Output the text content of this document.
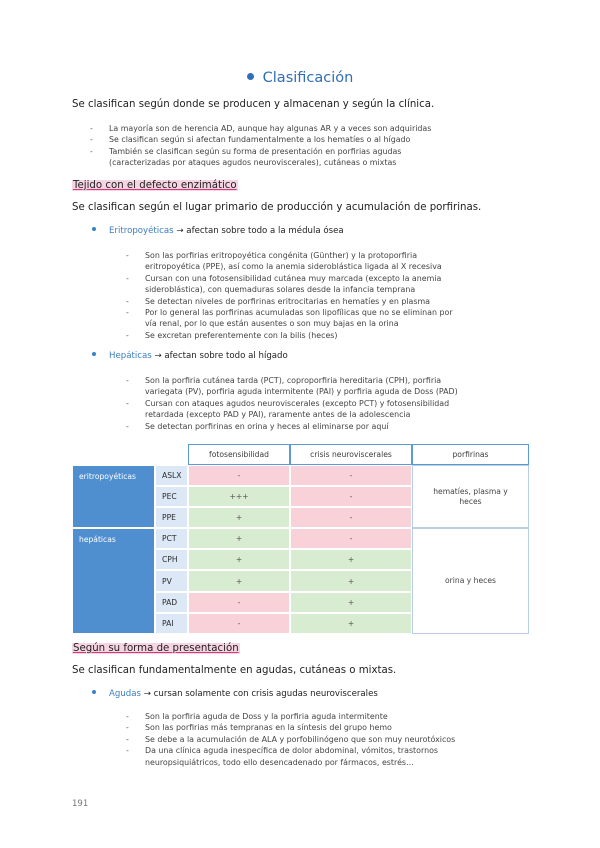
Clasificación
Se clasifican según donde se producen y almacenan y según la clínica.
- La mayoría son de herencia AD, aunque hay algunas AR y a veces son adquiridas
- Se clasifican según si afectan fundamentalmente a los hematíes o al hígado
- También se clasifican según su forma de presentación en porfirias agudas
(caracterizadas por ataques agudos neuroviscerales), cutáneas o mixtas
Tejido con el defecto enzimático
Se clasifican según el lugar primario de producción y acumulación de porfirinas.
Eritropoyéticas → afectan sobre todo a la médula ósea
- Son las porfirias eritropoyética congénita (Günther) y la protoporfiria
eritropoyética (PPE), así como la anemia sideroblástica ligada al X recesiva
- Cursan con una fotosensibilidad cutánea muy marcada (excepto la anemia
sideroblástica), con quemaduras solares desde la infancia temprana
- Se detectan niveles de porfirinas eritrocitarias en hematíes y en plasma
- Por lo general las porfirinas acumuladas son lipofílicas que no se eliminan por
vía renal, por lo que están ausentes o son muy bajas en la orina
- Se excretan preferentemente con la bilis (heces)
Hepáticas → afectan sobre todo al hígado
- Son la porfiria cutánea tarda (PCT), coproporfiria hereditaria (CPH), porfiria
variegata (PV), porfiria aguda intermitente (PAI) y porfiria aguda de Doss (PAD)
- Cursan con ataques agudos neuroviscerales (excepto PCT) y fotosensibilidad
retardada (excepto PAD y PAI), raramente antes de la adolescencia
- Se detectan porfirinas en orina y heces al eliminarse por aquí
fotosensibilidad	crisis neuroviscerales	porfirinas
eritropoyéticas
hepáticas
ASLX
PEC
PPE
PCT
CPH
PV
PAD
PAI
-
+++
+
+
+
+
-
-
-
-
-
-
+
+
+
+
hematíes, plasma y heces
orina y heces
Según su forma de presentación
Se clasifican fundamentalmente en agudas, cutáneas o mixtas.
Agudas → cursan solamente con crisis agudas neuroviscerales
- Son la porfiria aguda de Doss y la porfiria aguda intermitente
- Son las porfirias más tempranas en la síntesis del grupo hemo
- Se debe a la acumulación de ALA y porfobilinógeno que son muy neurotóxicos
- Da una clínica aguda inespecífica de dolor abdominal, vómitos, trastornos
neuropsiquiátricos, todo ello desencadenado por fármacos, estrés…
191
